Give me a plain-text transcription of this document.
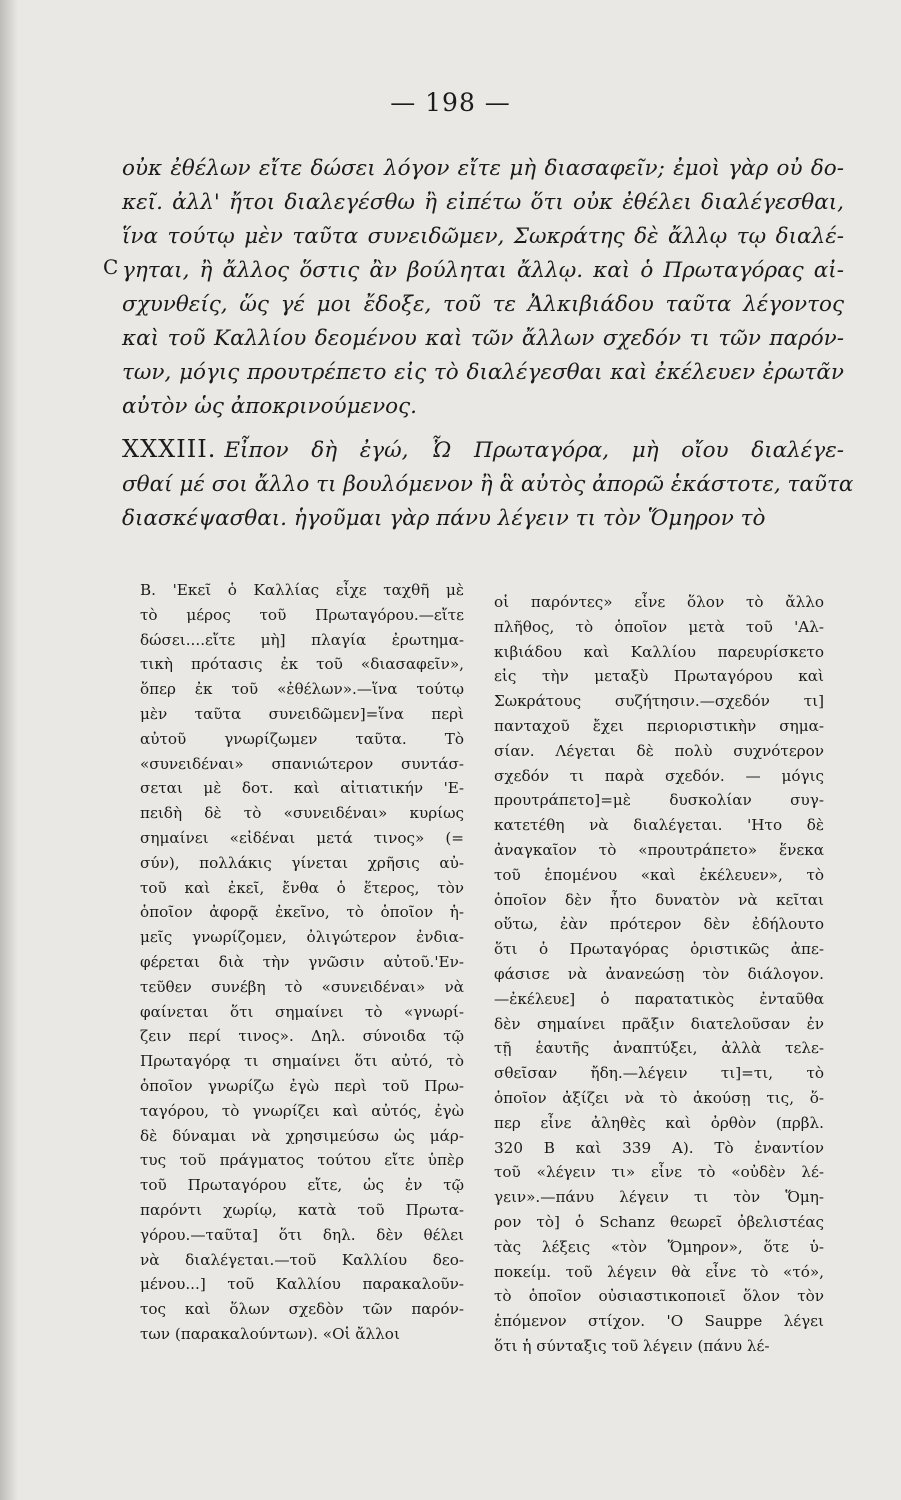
— 198 —
C
οὐκ ἐθέλων εἴτε δώσει λόγον εἴτε μὴ διασαφεῖν; ἐμοὶ γὰρ οὐ δο-
κεῖ. ἀλλ' ἤτοι διαλεγέσθω ἢ εἰπέτω ὅτι οὐκ ἐθέλει διαλέγεσθαι,
ἵνα τούτῳ μὲν ταῦτα συνειδῶμεν, Σωκράτης δὲ ἄλλῳ τῳ διαλέ-
γηται, ἢ ἄλλος ὅστις ἂν βούληται ἄλλῳ. καὶ ὁ Πρωταγόρας αἰ-
σχυνθείς, ὥς γέ μοι ἔδοξε, τοῦ τε Ἀλκιβιάδου ταῦτα λέγοντος
καὶ τοῦ Καλλίου δεομένου καὶ τῶν ἄλλων σχεδόν τι τῶν παρόν-
των, μόγις προυτρέπετο εἰς τὸ διαλέγεσθαι καὶ ἐκέλευεν ἐρωτᾶν
αὐτὸν ὡς ἀποκρινούμενος.
XXXIII. Εἶπον δὴ ἐγώ, Ὦ Πρωταγόρα, μὴ οἴου διαλέγε-
σθαί μέ σοι ἄλλο τι βουλόμενον ἢ ἃ αὐτὸς ἀπορῶ ἑκάστοτε, ταῦτα
διασκέψασθαι. ἡγοῦμαι γὰρ πάνυ λέγειν τι τὸν Ὅμηρον τὸ
B. 'Εκεῖ ὁ Καλλίας εἶχε ταχθῆ μὲ
τὸ μέρος τοῦ Πρωταγόρου.—εἴτε
δώσει....εἴτε μὴ] πλαγία ἐρωτημα-
τικὴ πρότασις ἐκ τοῦ «διασαφεῖν»,
ὅπερ ἐκ τοῦ «ἐθέλων».—ἵνα τούτῳ
μὲν ταῦτα συνειδῶμεν]=ἵνα περὶ
αὐτοῦ γνωρίζωμεν ταῦτα. Τὸ
«συνειδέναι» σπανιώτερον συντάσ-
σεται μὲ δοτ. καὶ αἰτιατικήν 'Ε-
πειδὴ δὲ τὸ «συνειδέναι» κυρίως
σημαίνει «εἰδέναι μετά τινος» (=
σύν), πολλάκις γίνεται χρῆσις αὐ-
τοῦ καὶ ἐκεῖ, ἔνθα ὁ ἕτερος, τὸν
ὁποῖον ἀφορᾷ ἐκεῖνο, τὸ ὁποῖον ἡ-
μεῖς γνωρίζομεν, ὀλιγώτερον ἐνδια-
φέρεται διὰ τὴν γνῶσιν αὐτοῦ.'Εν-
τεῦθεν συνέβη τὸ «συνειδέναι» νὰ
φαίνεται ὅτι σημαίνει τὸ «γνωρί-
ζειν περί τινος». Δηλ. σύνοιδα τῷ
Πρωταγόρᾳ τι σημαίνει ὅτι αὐτό, τὸ
ὁποῖον γνωρίζω ἐγὼ περὶ τοῦ Πρω-
ταγόρου, τὸ γνωρίζει καὶ αὐτός, ἐγὼ
δὲ δύναμαι νὰ χρησιμεύσω ὡς μάρ-
τυς τοῦ πράγματος τούτου εἴτε ὑπὲρ
τοῦ Πρωταγόρου εἴτε, ὡς ἐν τῷ
παρόντι χωρίῳ, κατὰ τοῦ Πρωτα-
γόρου.—ταῦτα] ὅτι δηλ. δὲν θέλει
νὰ διαλέγεται.—τοῦ Καλλίου δεο-
μένου...] τοῦ Καλλίου παρακαλοῦν-
τος καὶ ὅλων σχεδὸν τῶν παρόν-
των (παρακαλούντων). «Οἱ ἄλλοι
οἱ παρόντες» εἶνε ὅλον τὸ ἄλλο
πλῆθος, τὸ ὁποῖον μετὰ τοῦ 'Αλ-
κιβιάδου καὶ Καλλίου παρευρίσκετο
εἰς τὴν μεταξὺ Πρωταγόρου καὶ
Σωκράτους συζήτησιν.—σχεδόν τι]
πανταχοῦ ἔχει περιοριστικὴν σημα-
σίαν. Λέγεται δὲ πολὺ συχνότερον
σχεδόν τι παρὰ σχεδόν. — μόγις
προυτράπετο]=μὲ δυσκολίαν συγ-
κατετέθη νὰ διαλέγεται. 'Ητο δὲ
ἀναγκαῖον τὸ «προυτράπετο» ἕνεκα
τοῦ ἑπομένου «καὶ ἐκέλευεν», τὸ
ὁποῖον δὲν ἦτο δυνατὸν νὰ κεῖται
οὕτω, ἐὰν πρότερον δὲν ἐδήλουτο
ὅτι ὁ Πρωταγόρας ὁριστικῶς ἀπε-
φάσισε νὰ ἀνανεώσῃ τὸν διάλογον.
—ἐκέλευε] ὁ παρατατικὸς ἐνταῦθα
δὲν σημαίνει πρᾶξιν διατελοῦσαν ἐν
τῇ ἑαυτῆς ἀναπτύξει, ἀλλὰ τελε-
σθεῖσαν ἤδη.—λέγειν τι]=τι, τὸ
ὁποῖον ἀξίζει νὰ τὸ ἀκούσῃ τις, ὅ-
περ εἶνε ἀληθὲς καὶ ὀρθὸν (πρβλ.
320 B καὶ 339 A). Τὸ ἐναντίον
τοῦ «λέγειν τι» εἶνε τὸ «οὐδὲν λέ-
γειν».—πάνυ λέγειν τι τὸν Ὅμη-
ρον τὸ] ὁ Schanz θεωρεῖ ὀβελιστέας
τὰς λέξεις «τὸν Ὅμηρον», ὅτε ὑ-
ποκείμ. τοῦ λέγειν θὰ εἶνε τὸ «τό»,
τὸ ὁποῖον οὐσιαστικοποιεῖ ὅλον τὸν
ἑπόμενον στίχον. 'Ο Sauppe λέγει
ὅτι ἡ σύνταξις τοῦ λέγειν (πάνυ λέ-
